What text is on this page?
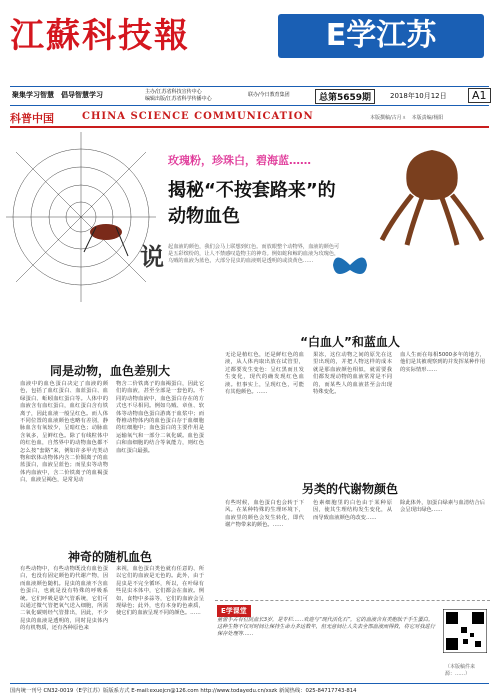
江蘇科技報	E学江苏
聚集学习智慧　倡导智慧学习	主办/江苏省科技宣传中心
编辑出版/江苏省科学传播中心
联办/今日教育集团	总第5659期	2018年10月12日	A1
科普中国	CHINA SCIENCE COMMUNICATION	本版撰稿/古月ㄨ　本版责编/杨阳
玫瑰粉，珍珠白，碧海蓝……
揭秘“不按套路来”的
动物血色
说 起血液的颜色，我们会马上联想到红色。而放眼整个动物界，血液的颜色可是五彩缤纷的，让人不禁感叹造物主的神奇。例如蛇和鲸的血液为玫瑰色，乌贼的血液为蓝色，大部分昆虫的血液则是透明的或淡黄色……

“白血人”和蓝血人

无论是植红色，还是鲜红色的血液，从人体内取出放在试管里，过都要发生变色：呈红黑而且发生变化，现代的确发现红色血液。但事实上，呈现红色，可能有其他颜色。……

果冻，这位动物之间的原先在这里出现的，并把人物这样的成本就是那血液颜色相似，就需要我们都发现动物的血液常常是不同的，而某些人的血液甚至会出现特殊变化。

血人生而在每相5000多年的地方，他们是其被观察到的并发挥某种作用的实际情形……

同是动物，血色差别大

血液中的血色蛋白决定了血液的颜色，包括了血红蛋白、血蓝蛋白、血绿蛋白、蚯蚓血红蛋白等。人体中的血液含有血红蛋白，血红蛋白含有铁离子，因此血液一般呈红色。而人体不同位置的血液颜色也略有差别，静脉血含有氧较少，呈暗红色；动脉血含氧多，呈鲜红色。除了有线粒体中的红色血，自然界中的动物血色都不怎么按“套路”来，例如许多甲壳类动物和软体动物体内含二价铜离子的血蓝蛋白，血液呈蓝色；而星虫等动物体内血液中，含二价铁离子的血褐蛋白，血液呈褐色，是常见动

物含二价铁离子的血褐蛋白，因此它们的血液，甚至全部是一套色的。不同的动物血液中，血色蛋白存在的方式也不尽相同。例如乌贼、章鱼、软体等动物血色蛋白游离于血浆中；而脊椎动物体内的血色蛋白存于血细胞的红细胞中；血色蛋白的主要作用是运输氧气和一部分二氧化碳。血色蛋白和血细胞的结合等氧能力，则红色血红蛋白最强。

另类的代谢物颜色

有些时候，血色蛋白也会转于下风。在某种特殊的生理环境下，血液里的颜色会发生转化，即代谢产物带来的颜色。……

色素细胞里的白色由于某种原因，使其生理结构发生变化，从而导致血液颜色的改变……

除此体外，加蛋白绿素与血清结合后会呈现出绿色……

神奇的随机血色

有些动物中，有些动物既没有血色蛋白，也没有固定颜色的代谢产物，因而血液颜色随机。昆虫的血液不含血色蛋白，也就是没有特殊的呼吸系统。它们呼吸是靠气管系统，它们可以通过微气管把氧气送入细胞，所需二氧化碳则经气管排出，因此，不少昆虫的血液是透明的，同时昆虫体内的有机物质，还有各种原色来

来视，血色蛋白类色就有任意的、所以它们的血液是无色的。此外，由于昆虫是不完全循环，所以，在叶绿有些昆虫本体中，它们都会在血液。例如，食物中多蒜等，它们的血液会呈现绿色；此外，也有本身的色素质，使它们的血液呈现不同的颜色。……	E学课堂

童蕾手古有位阮血长3岁，是专栏……欢迎与“现代活化石”，它的血液含有类胞肽千手生蛋白。这种生物不仅对时间让保持生命力多达数年，但无意间让人失去全部血液而得救，将它对我进行保存处理等……

（本版稿件来源：……）
国内统一刊号 CN32-0019（E学江苏）版版系方式 E-mail:exuejcn@126.com http://www.todayedu.cn/xszk 新闻热线：025-84717743-814
